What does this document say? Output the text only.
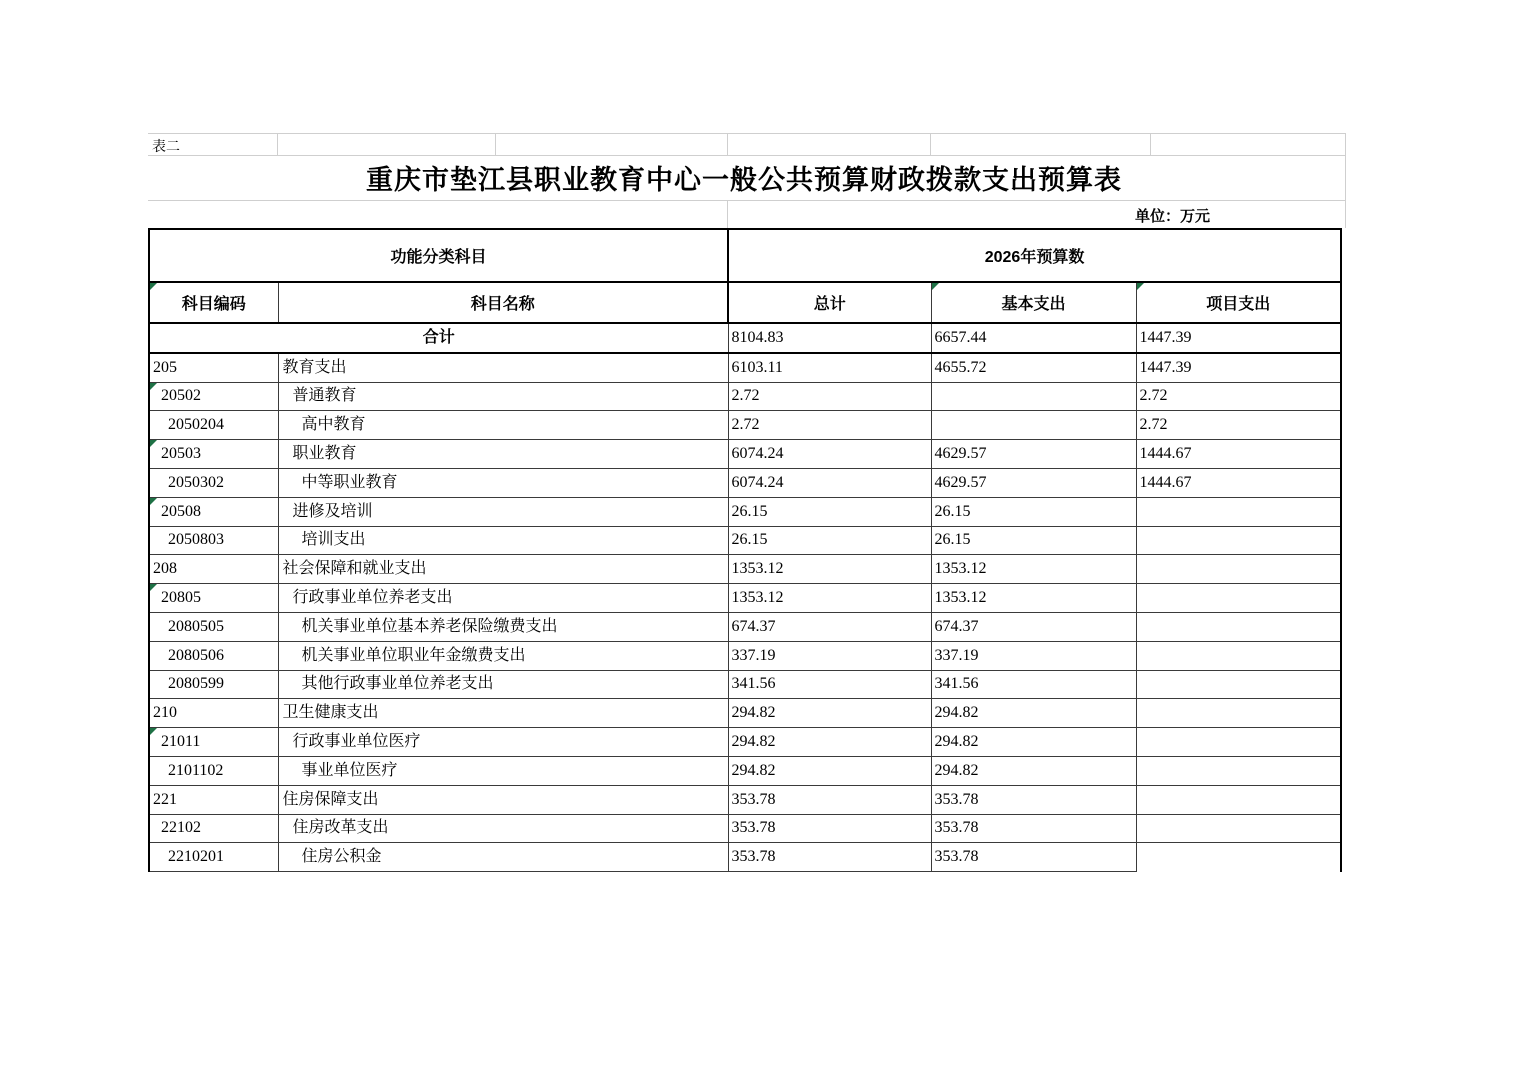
表二
重庆市垫江县职业教育中心一般公共预算财政拨款支出预算表
单位：万元
功能分类科目		2026年预算数		

科目编码	科目名称	总计	基本支出	项目支出
合计		8104.83	6657.44	1447.39
205	教育支出	6103.11	4655.72	1447.39

20502	普通教育	2.72		2.72
2050204	高中教育	2.72		2.72

20503	职业教育	6074.24	4629.57	1444.67
2050302	中等职业教育	6074.24	4629.57	1444.67

20508	进修及培训	26.15	26.15	
2050803	培训支出	26.15	26.15	
208	社会保障和就业支出	1353.12	1353.12	

20805	行政事业单位养老支出	1353.12	1353.12	
2080505	机关事业单位基本养老保险缴费支出	674.37	674.37	
2080506	机关事业单位职业年金缴费支出	337.19	337.19	
2080599	其他行政事业单位养老支出	341.56	341.56	
210	卫生健康支出	294.82	294.82	

21011	行政事业单位医疗	294.82	294.82	
2101102	事业单位医疗	294.82	294.82	
221	住房保障支出	353.78	353.78	
22102	住房改革支出	353.78	353.78	
2210201	住房公积金	353.78	353.78	
